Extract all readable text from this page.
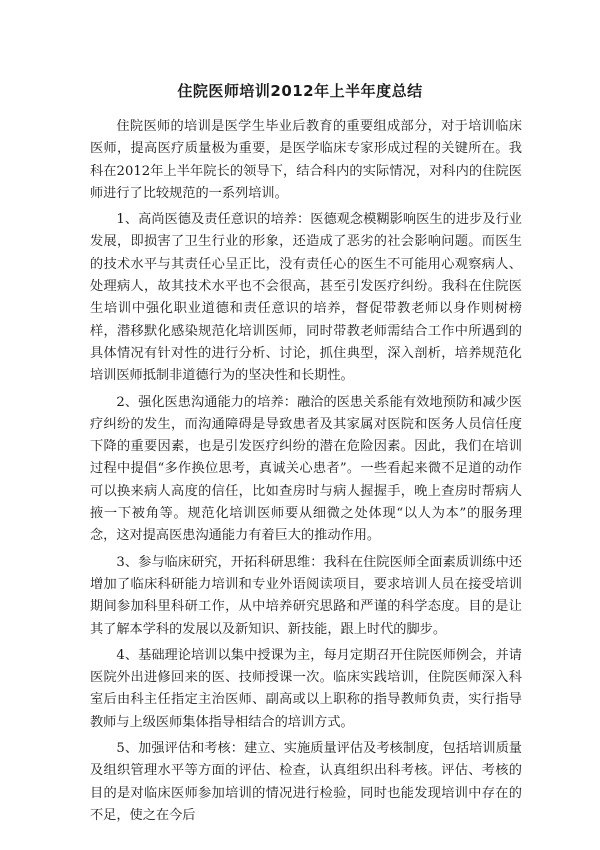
住院医师培训2012年上半年度总结

住院医师的培训是医学生毕业后教育的重要组成部分，对于培训临床医师，提高医疗质量极为重要，是医学临床专家形成过程的关键所在。我科在2012年上半年院长的领导下，结合科内的实际情况，对科内的住院医师进行了比较规范的一系列培训。

1、高尚医德及责任意识的培养：医德观念模糊影响医生的进步及行业发展，即损害了卫生行业的形象，还造成了恶劣的社会影响问题。而医生的技术水平与其责任心呈正比，没有责任心的医生不可能用心观察病人、处理病人，故其技术水平也不会很高，甚至引发医疗纠纷。我科在住院医生培训中强化职业道德和责任意识的培养，督促带教老师以身作则树榜样，潜移默化感染规范化培训医师，同时带教老师需结合工作中所遇到的具体情况有针对性的进行分析、讨论，抓住典型，深入剖析，培养规范化培训医师抵制非道德行为的坚决性和长期性。

2、强化医患沟通能力的培养：融洽的医患关系能有效地预防和减少医疗纠纷的发生，而沟通障碍是导致患者及其家属对医院和医务人员信任度下降的重要因素，也是引发医疗纠纷的潜在危险因素。因此，我们在培训过程中提倡“多作换位思考，真诚关心患者”。一些看起来微不足道的动作可以换来病人高度的信任，比如查房时与病人握握手，晚上查房时帮病人掖一下被角等。规范化培训医师要从细微之处体现“以人为本”的服务理念，这对提高医患沟通能力有着巨大的推动作用。

3、参与临床研究，开拓科研思维：我科在住院医师全面素质训练中还增加了临床科研能力培训和专业外语阅读项目，要求培训人员在接受培训期间参加科里科研工作，从中培养研究思路和严谨的科学态度。目的是让其了解本学科的发展以及新知识、新技能，跟上时代的脚步。

4、基础理论培训以集中授课为主，每月定期召开住院医师例会，并请医院外出进修回来的医、技师授课一次。临床实践培训，住院医师深入科室后由科主任指定主治医师、副高或以上职称的指导教师负责，实行指导教师与上级医师集体指导相结合的培训方式。

5、加强评估和考核：建立、实施质量评估及考核制度，包括培训质量及组织管理水平等方面的评估、检查，认真组织出科考核。评估、考核的目的是对临床医师参加培训的情况进行检验，同时也能发现培训中存在的不足，使之在今后
